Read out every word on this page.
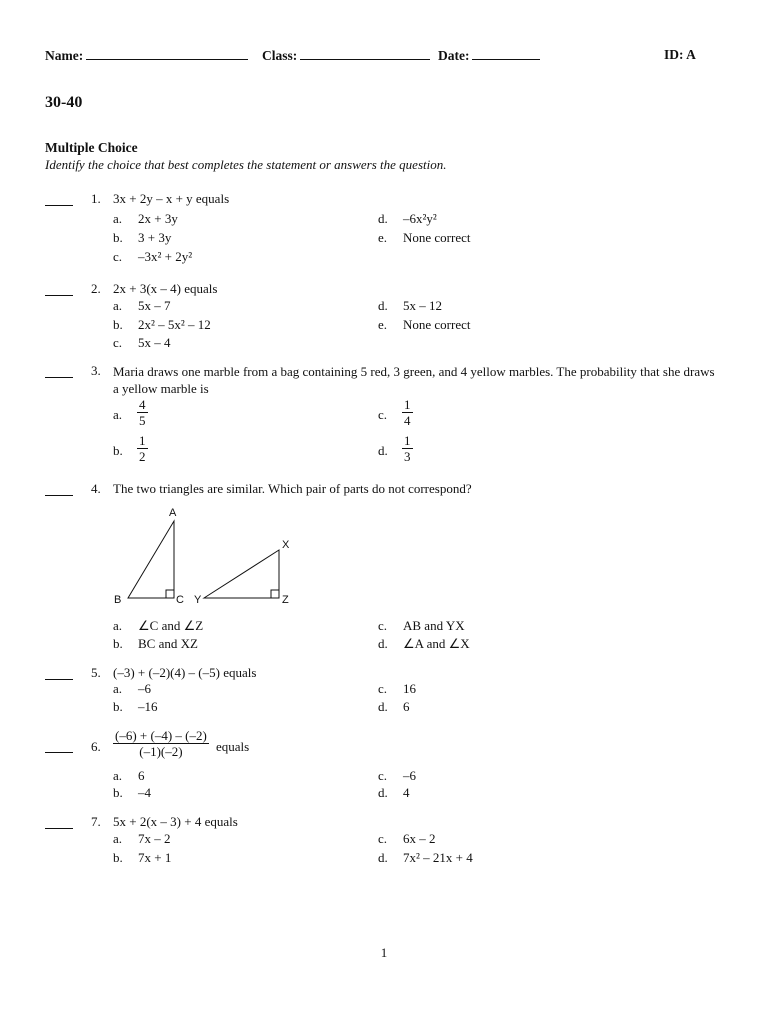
Name:	Class:	Date:	ID: A
30-40
Multiple Choice
Identify the choice that best completes the statement or answers the question.
1. 3x + 2y – x + y equals
a. 2x + 3y
b. 3 + 3y
c. –3x² + 2y²
d. –6x²y²
e. None correct
2. 2x + 3(x – 4) equals
a. 5x – 7
b. 2x² – 5x² – 12
c. 5x – 4
d. 5x – 12
e. None correct
3. Maria draws one marble from a bag containing 5 red, 3 green, and 4 yellow marbles. The probability that she draws a yellow marble is
a. $\frac{4}{5}$
b. $\frac{1}{2}$
c. $\frac{1}{4}$
d. $\frac{1}{3}$
4. The two triangles are similar. Which pair of parts do not correspond?
A
B	C
X
Y	Z
a. ∠C and ∠Z
b. BC and XZ
c. AB and YX
d. ∠A and ∠X
5. (–3) + (–2)(4) – (–5) equals
a. –6
b. –16
c. 16
d. 6
6. $\frac{(-6) + (-4) - (-2)}{(-1)(-2)}$ equals
a. 6
b. –4
c. –6
d. 4
7. 5x + 2(x – 3) + 4 equals
a. 7x – 2
b. 7x + 1
c. 6x – 2
d. 7x² – 21x + 4
1
